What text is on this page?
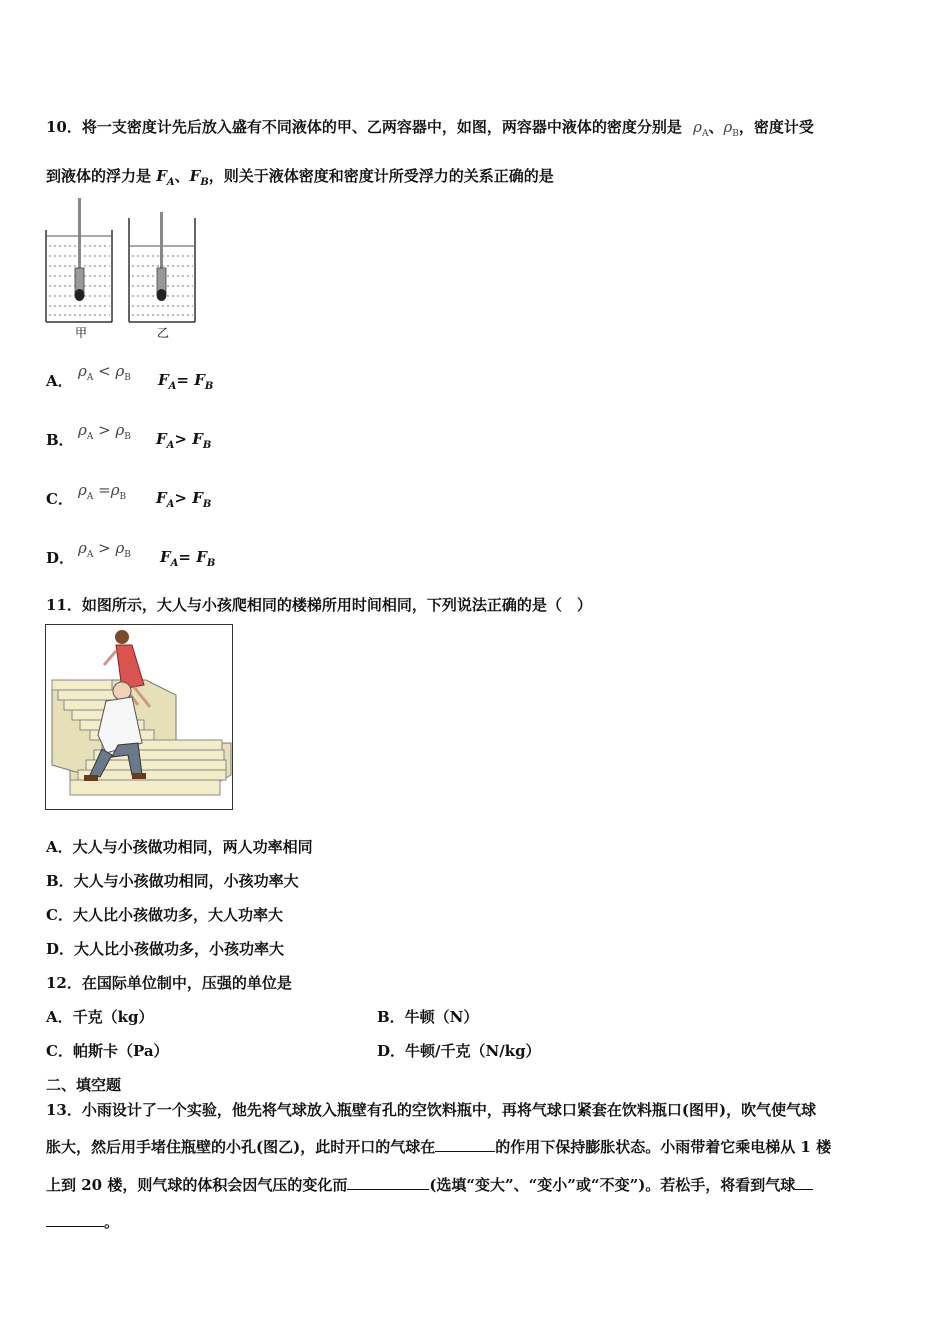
10．将一支密度计先后放入盛有不同液体的甲、乙两容器中，如图，两容器中液体的密度分别是 $\rho_A$、$\rho_B$，密度计受
到液体的浮力是 $F_A$、$F_B$，则关于液体密度和密度计所受浮力的关系正确的是
甲	乙
A．
$\rho_A < \rho_B$ $F_A= F_B$
B．
$\rho_A > \rho_B$ $F_A> F_B$
C． $\rho_A =\rho_B$ $F_A> F_B$
D．
$\rho_A > \rho_B$ $F_A= F_B$
11．如图所示，大人与小孩爬相同的楼梯所用时间相同，下列说法正确的是（　）
A．大人与小孩做功相同，两人功率相同
B．大人与小孩做功相同，小孩功率大
C．大人比小孩做功多，大人功率大
D．大人比小孩做功多，小孩功率大
12．在国际单位制中，压强的单位是
A．千克（kg）	B．牛顿（N）
C．帕斯卡（Pa）	D．牛顿/千克（N/kg）
二、填空题
13．小雨设计了一个实验，他先将气球放入瓶壁有孔的空饮料瓶中，再将气球口紧套在饮料瓶口(图甲)，吹气使气球
胀大，然后用手堵住瓶壁的小孔(图乙)，此时开口的气球在	的作用下保持膨胀状态。小雨带着它乘电梯从 1 楼
上到 20 楼，则气球的体积会因气压的变化而	(选填“变大”、“变小”或“不变”)。若松手，将看到气球
。
